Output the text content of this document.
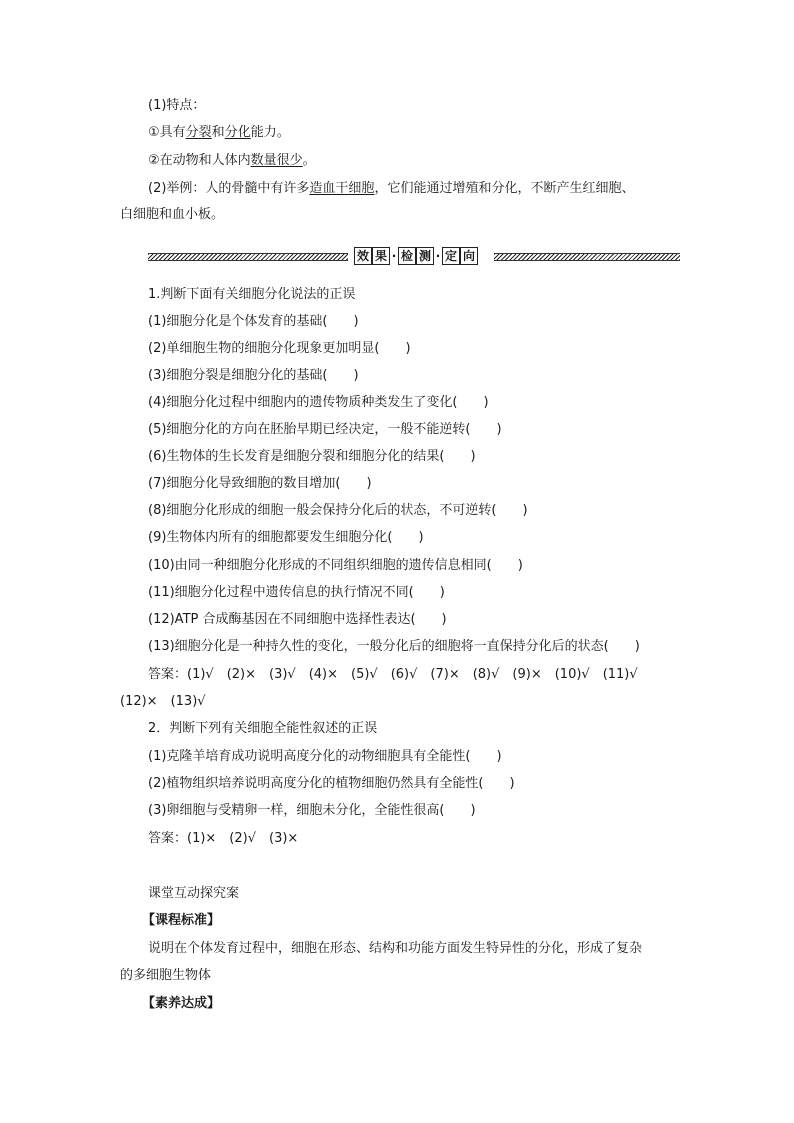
(1)特点：
①具有分裂和分化能力。
②在动物和人体内数量很少。
(2)举例：人的骨髓中有许多造血干细胞，它们能通过增殖和分化，不断产生红细胞、
白细胞和血小板。
效 果 · 检 测 · 定 向
1.判断下面有关细胞分化说法的正误
(1)细胞分化是个体发育的基础(　　)
(2)单细胞生物的细胞分化现象更加明显(　　)
(3)细胞分裂是细胞分化的基础(　　)
(4)细胞分化过程中细胞内的遗传物质种类发生了变化(　　)
(5)细胞分化的方向在胚胎早期已经决定，一般不能逆转(　　)
(6)生物体的生长发育是细胞分裂和细胞分化的结果(　　)
(7)细胞分化导致细胞的数目增加(　　)
(8)细胞分化形成的细胞一般会保持分化后的状态，不可逆转(　　)
(9)生物体内所有的细胞都要发生细胞分化(　　)
(10)由同一种细胞分化形成的不同组织细胞的遗传信息相同(　　)
(11)细胞分化过程中遗传信息的执行情况不同(　　)
(12)ATP 合成酶基因在不同细胞中选择性表达(　　)
(13)细胞分化是一种持久性的变化，一般分化后的细胞将一直保持分化后的状态(　　)
答案：(1)√　(2)×　(3)√　(4)×　(5)√　(6)√　(7)×　(8)√　(9)×　(10)√　(11)√
(12)×　(13)√
2．判断下列有关细胞全能性叙述的正误
(1)克隆羊培育成功说明高度分化的动物细胞具有全能性(　　)
(2)植物组织培养说明高度分化的植物细胞仍然具有全能性(　　)
(3)卵细胞与受精卵一样，细胞未分化，全能性很高(　　)
答案：(1)×　(2)√　(3)×
课堂互动探究案
【课程标准】
说明在个体发育过程中，细胞在形态、结构和功能方面发生特异性的分化，形成了复杂
的多细胞生物体
【素养达成】
